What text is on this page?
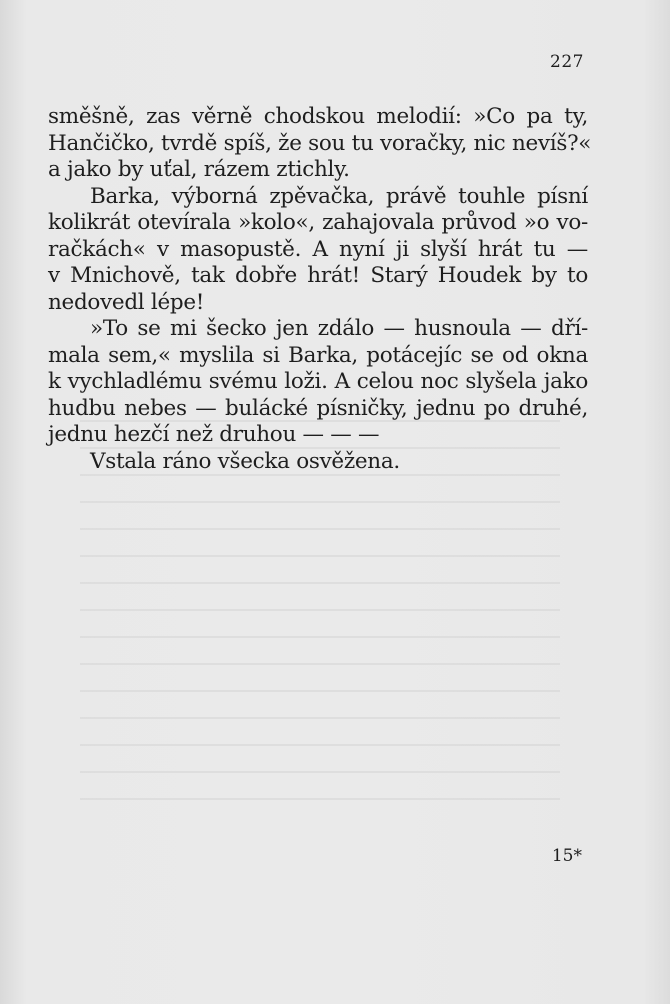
227
směšně, zas věrně chodskou melodií: »Co pa ty,
Hančičko, tvrdě spíš, že sou tu voračky, nic nevíš?«
a jako by uťal, rázem ztichly.
Barka, výborná zpěvačka, právě touhle písní
kolikrát otevírala »kolo«, zahajovala průvod »o vo-
račkách« v masopustě. A nyní ji slyší hrát tu —
v Mnichově, tak dobře hrát! Starý Houdek by to
nedovedl lépe!
»To se mi šecko jen zdálo — husnoula — dří-
mala sem,« myslila si Barka, potácejíc se od okna
k vychladlému svému loži. A celou noc slyšela jako
hudbu nebes — bulácké písničky, jednu po druhé,
jednu hezčí než druhou — — —
Vstala ráno všecka osvěžena.
15*
